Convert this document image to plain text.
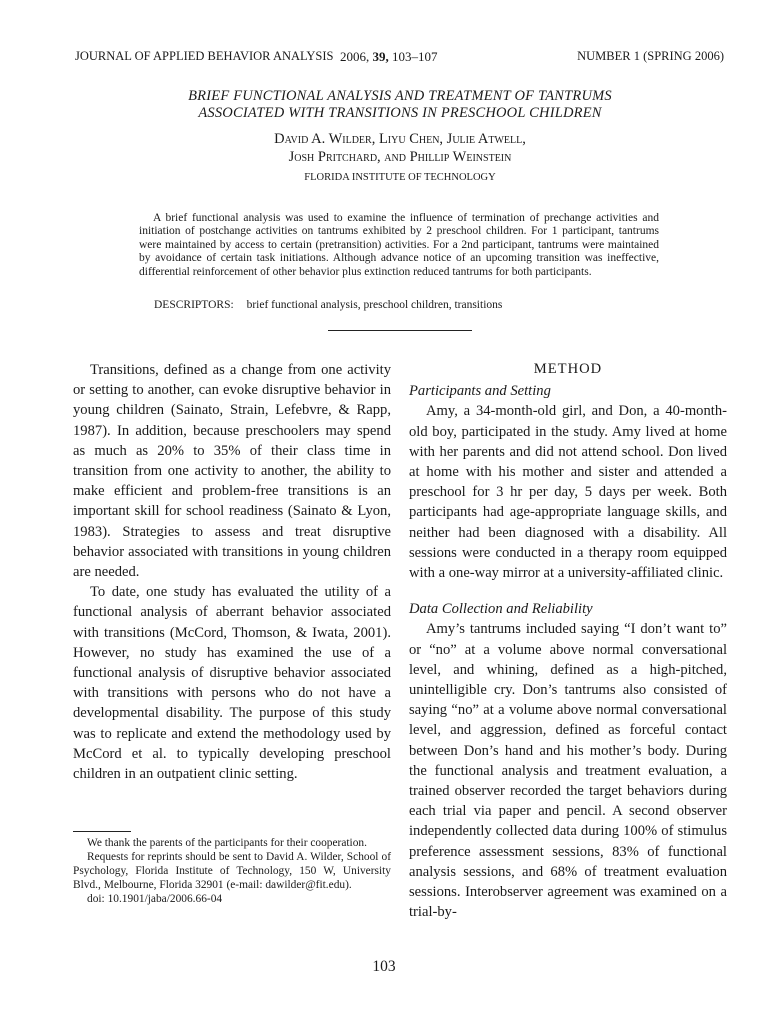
JOURNAL OF APPLIED BEHAVIOR ANALYSIS 2006, 39, 103–107	NUMBER 1 (SPRING 2006)
BRIEF FUNCTIONAL ANALYSIS AND TREATMENT OF TANTRUMS
ASSOCIATED WITH TRANSITIONS IN PRESCHOOL CHILDREN
David A. Wilder, Liyu Chen, Julie Atwell,
Josh Pritchard, and Phillip Weinstein
FLORIDA INSTITUTE OF TECHNOLOGY
A brief functional analysis was used to examine the influence of termination of prechange activities and initiation of postchange activities on tantrums exhibited by 2 preschool children. For 1 participant, tantrums were maintained by access to certain (pretransition) activities. For a 2nd participant, tantrums were maintained by avoidance of certain task initiations. Although advance notice of an upcoming transition was ineffective, differential reinforcement of other behavior plus extinction reduced tantrums for both participants.
DESCRIPTORS: brief functional analysis, preschool children, transitions

Transitions, defined as a change from one activity or setting to another, can evoke disruptive behavior in young children (Sainato, Strain, Lefebvre, & Rapp, 1987). In addition, because preschoolers may spend as much as 20% to 35% of their class time in transition from one activity to another, the ability to make efficient and problem-free transitions is an important skill for school readiness (Sainato & Lyon, 1983). Strategies to assess and treat disruptive behavior associated with transitions in young children are needed.

To date, one study has evaluated the utility of a functional analysis of aberrant behavior associated with transitions (McCord, Thomson, & Iwata, 2001). However, no study has examined the use of a functional analysis of disruptive behavior associated with transitions with persons who do not have a developmental disability. The purpose of this study was to replicate and extend the methodology used by McCord et al. to typically developing preschool children in an outpatient clinic setting.

We thank the parents of the participants for their cooperation.

Requests for reprints should be sent to David A. Wilder, School of Psychology, Florida Institute of Technology, 150 W, University Blvd., Melbourne, Florida 32901 (e-mail: dawilder@fit.edu).

doi: 10.1901/jaba/2006.66-04

METHOD
Participants and Setting

Amy, a 34-month-old girl, and Don, a 40-month-old boy, participated in the study. Amy lived at home with her parents and did not attend school. Don lived at home with his mother and sister and attended a preschool for 3 hr per day, 5 days per week. Both participants had age-appropriate language skills, and neither had been diagnosed with a disability. All sessions were conducted in a therapy room equipped with a one-way mirror at a university-affiliated clinic.

Data Collection and Reliability

Amy’s tantrums included saying “I don’t want to” or “no” at a volume above normal conversational level, and whining, defined as a high-pitched, unintelligible cry. Don’s tantrums also consisted of saying “no” at a volume above normal conversational level, and aggression, defined as forceful contact between Don’s hand and his mother’s body. During the functional analysis and treatment evaluation, a trained observer recorded the target behaviors during each trial via paper and pencil. A second observer independently collected data during 100% of stimulus preference assessment sessions, 83% of functional analysis sessions, and 68% of treatment evaluation sessions. Interobserver agreement was examined on a trial-by-

103
